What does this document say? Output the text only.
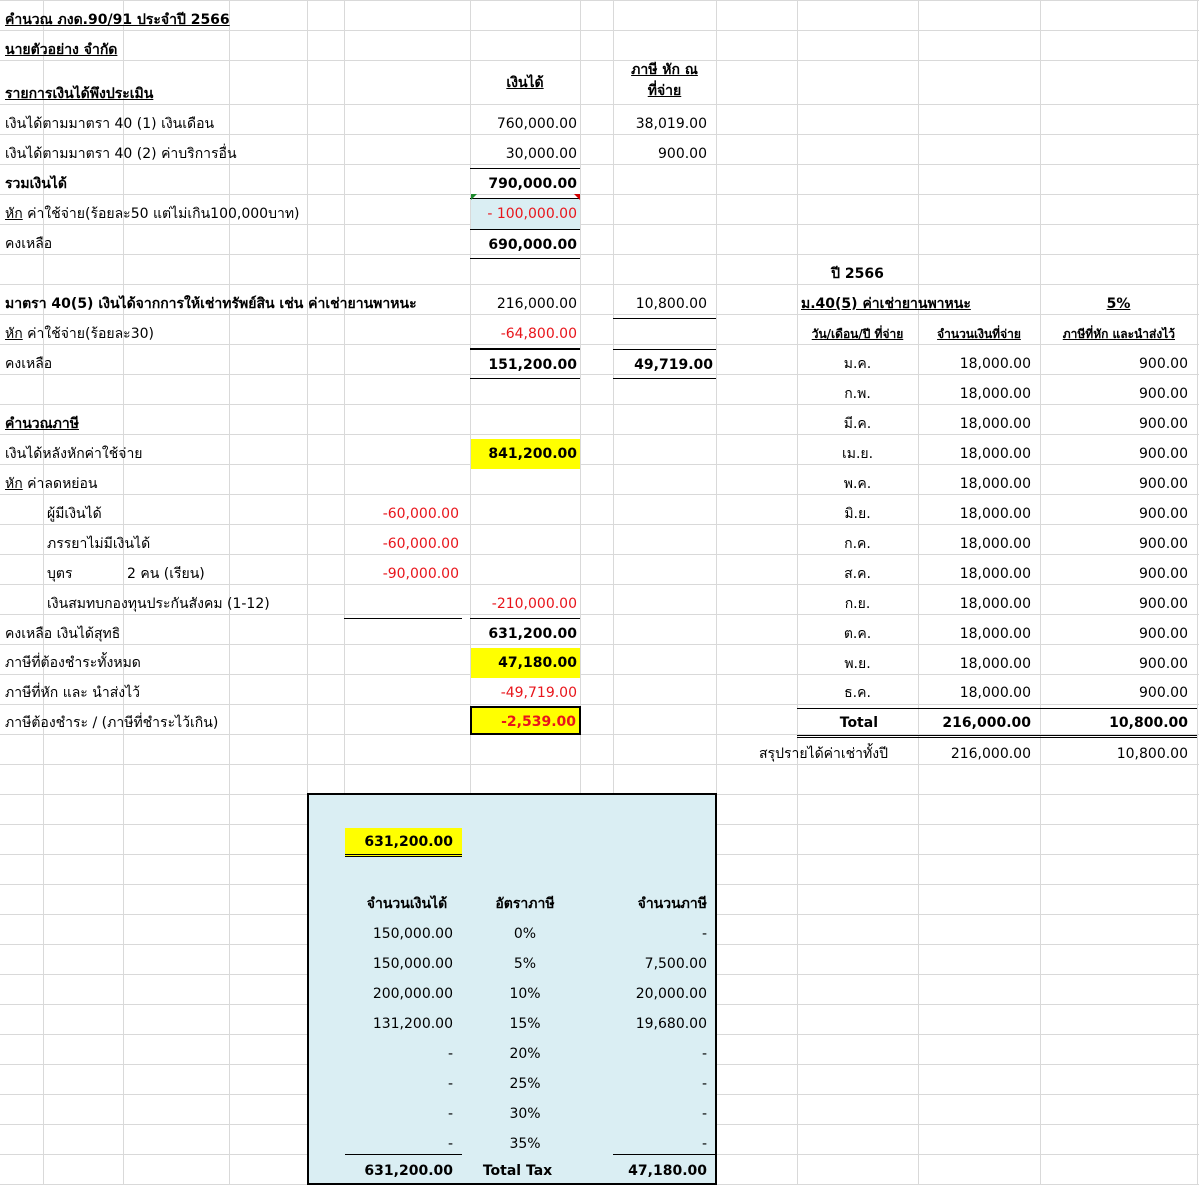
คำนวณ ภงด.90/91 ประจำปี 2566
นายตัวอย่าง จำกัด
รายการเงินได้พึงประเมิน
เงินได้
ภาษี หัก ณ
ที่จ่าย
เงินได้ตามมาตรา 40 (1) เงินเดือน	760,000.00	38,019.00
เงินได้ตามมาตรา 40 (2) ค่าบริการอื่น	30,000.00	900.00
รวมเงินได้	790,000.00
หัก ค่าใช้จ่าย(ร้อยละ50 แต่ไม่เกิน100,000บาท)	- 100,000.00
คงเหลือ	690,000.00
มาตรา 40(5) เงินได้จากการให้เช่าทรัพย์สิน เช่น ค่าเช่ายานพาหนะ	216,000.00	10,800.00
หัก ค่าใช้จ่าย(ร้อยละ30)	-64,800.00
คงเหลือ	151,200.00	49,719.00
คำนวณภาษี
เงินได้หลังหักค่าใช้จ่าย	841,200.00
หัก ค่าลดหย่อน
ผู้มีเงินได้	-60,000.00
ภรรยาไม่มีเงินได้	-60,000.00
บุตร	2 คน (เรียน)	-90,000.00
เงินสมทบกองทุนประกันสังคม (1-12)	-210,000.00
คงเหลือ เงินได้สุทธิ	631,200.00
ภาษีที่ต้องชำระทั้งหมด	47,180.00
ภาษีที่หัก และ นำส่งไว้	-49,719.00
ภาษีต้องชำระ / (ภาษีที่ชำระไว้เกิน)	-2,539.00
ปี 2566
ม.40(5) ค่าเช่ายานพาหนะ	5%
วัน/เดือน/ปี ที่จ่าย	จำนวนเงินที่จ่าย	ภาษีที่หัก และนำส่งไว้
ม.ค.	18,000.00	900.00
ก.พ.	18,000.00	900.00
มี.ค.	18,000.00	900.00
เม.ย.	18,000.00	900.00
พ.ค.	18,000.00	900.00
มิ.ย.	18,000.00	900.00
ก.ค.	18,000.00	900.00
ส.ค.	18,000.00	900.00
ก.ย.	18,000.00	900.00
ต.ค.	18,000.00	900.00
พ.ย.	18,000.00	900.00
ธ.ค.	18,000.00	900.00
Total	216,000.00	10,800.00
สรุปรายได้ค่าเช่าทั้งปี	216,000.00	10,800.00
631,200.00
จำนวนเงินได้	อัตราภาษี	จำนวนภาษี
150,000.00	0%	-
150,000.00	5%	7,500.00
200,000.00	10%	20,000.00
131,200.00	15%	19,680.00
-	20%	-
-	25%	-
-	30%	-
-	35%	-
631,200.00	Total Tax	47,180.00
